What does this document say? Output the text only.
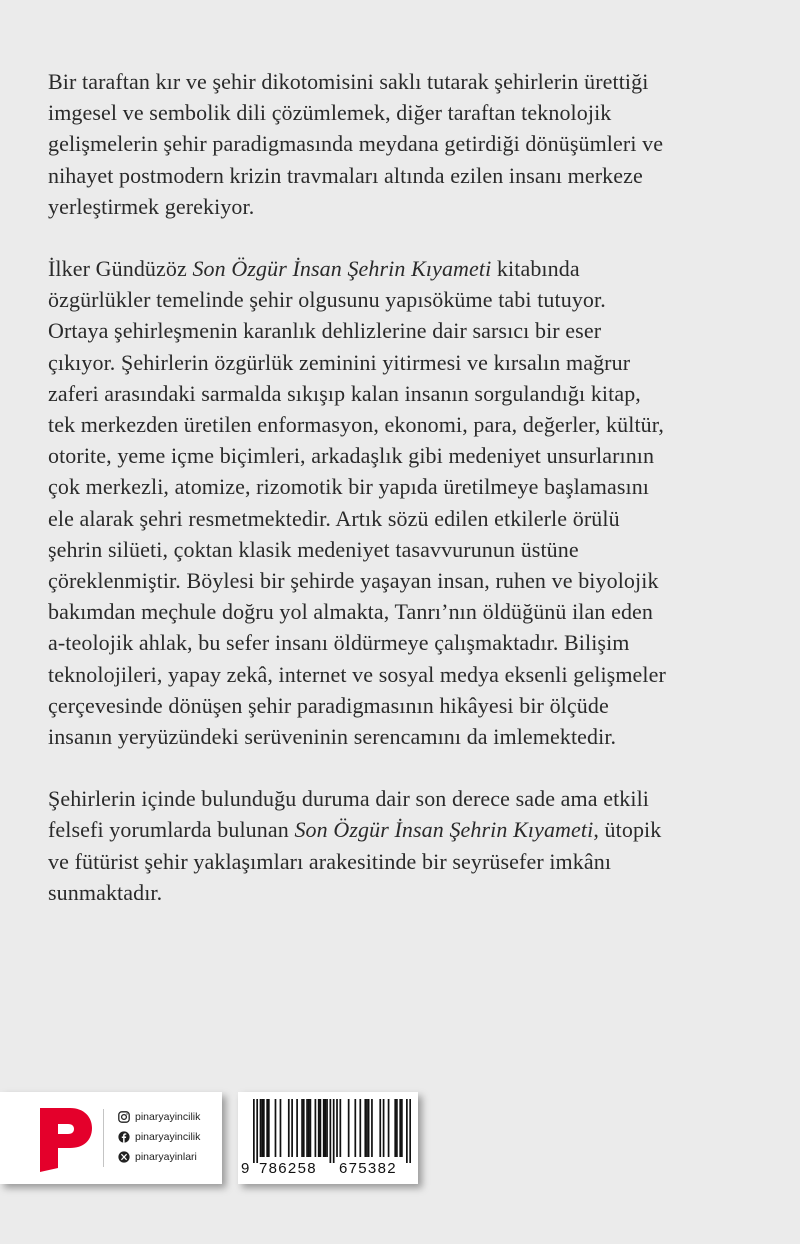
Bir taraftan kır ve şehir dikotomisini saklı tutarak şehirlerin ürettiği
imgesel ve sembolik dili çözümlemek, diğer taraftan teknolojik
gelişmelerin şehir paradigmasında meydana getirdiği dönüşümleri ve
nihayet postmodern krizin travmaları altında ezilen insanı merkeze
yerleştirmek gerekiyor.

İlker Gündüzöz Son Özgür İnsan Şehrin Kıyameti kitabında
özgürlükler temelinde şehir olgusunu yapısöküme tabi tutuyor.
Ortaya şehirleşmenin karanlık dehlizlerine dair sarsıcı bir eser
çıkıyor. Şehirlerin özgürlük zeminini yitirmesi ve kırsalın mağrur
zaferi arasındaki sarmalda sıkışıp kalan insanın sorgulandığı kitap,
tek merkezden üretilen enformasyon, ekonomi, para, değerler, kültür,
otorite, yeme içme biçimleri, arkadaşlık gibi medeniyet unsurlarının
çok merkezli, atomize, rizomotik bir yapıda üretilmeye başlamasını
ele alarak şehri resmetmektedir. Artık sözü edilen etkilerle örülü
şehrin silüeti, çoktan klasik medeniyet tasavvurunun üstüne
çöreklenmiştir. Böylesi bir şehirde yaşayan insan, ruhen ve biyolojik
bakımdan meçhule doğru yol almakta, Tanrı’nın öldüğünü ilan eden
a-teolojik ahlak, bu sefer insanı öldürmeye çalışmaktadır. Bilişim
teknolojileri, yapay zekâ, internet ve sosyal medya eksenli gelişmeler
çerçevesinde dönüşen şehir paradigmasının hikâyesi bir ölçüde
insanın yeryüzündeki serüveninin serencamını da imlemektedir.

Şehirlerin içinde bulunduğu duruma dair son derece sade ama etkili
felsefi yorumlarda bulunan Son Özgür İnsan Şehrin Kıyameti, ütopik
ve fütürist şehir yaklaşımları arakesitinde bir seyrüsefer imkânı
sunmaktadır.

pinaryayincilik
pinaryayincilik
pinaryayinlari
9 786258	675382
